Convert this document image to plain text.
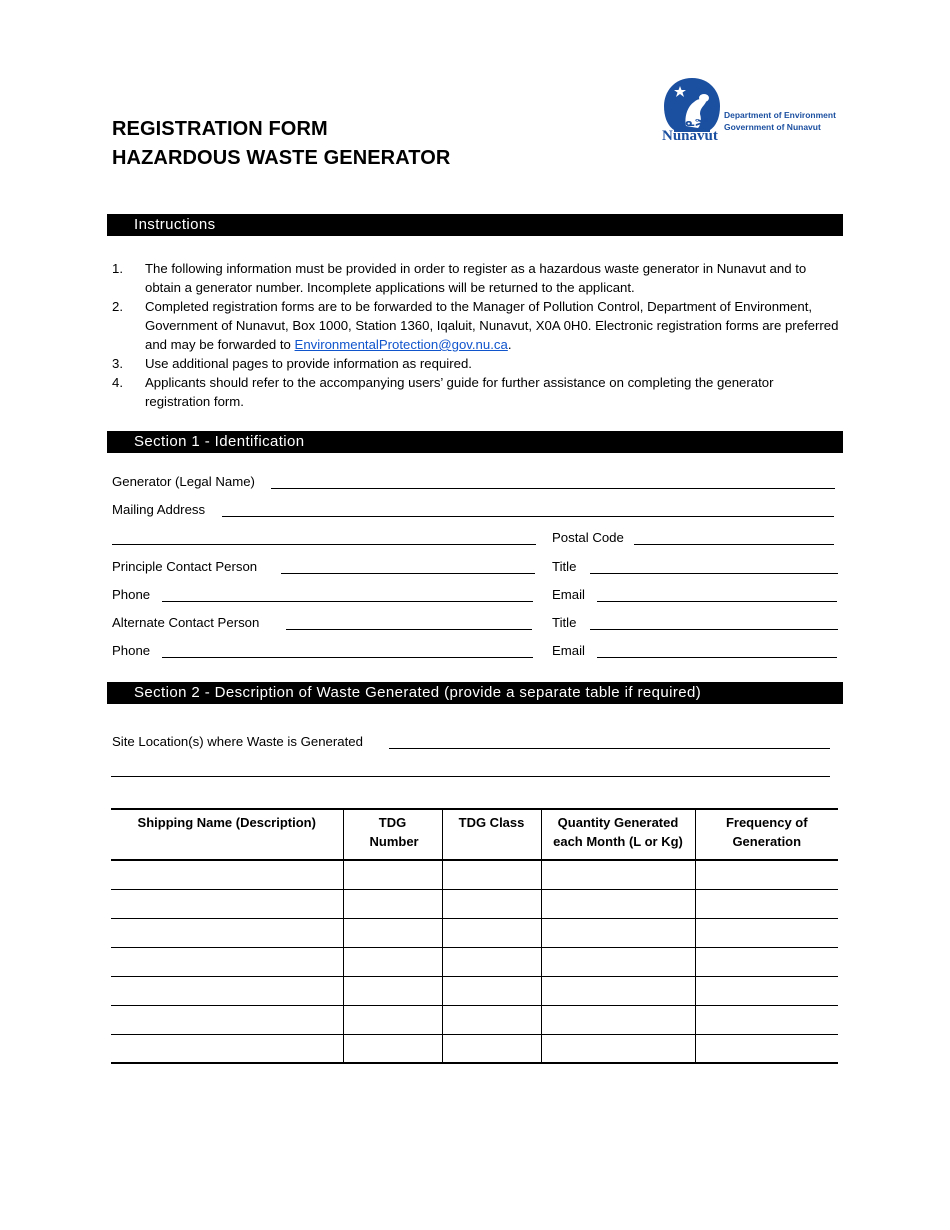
REGISTRATION FORM
HAZARDOUS WASTE GENERATOR
ᓄᓇᕗᑦ
Nunavut
Department of Environment
Government of Nunavut
Instructions
1.	The following information must be provided in order to register as a hazardous waste generator in Nunavut and to obtain a generator number. Incomplete applications will be returned to the applicant.
2.	Completed registration forms are to be forwarded to the Manager of Pollution Control, Department of Environment, Government of Nunavut, Box 1000, Station 1360, Iqaluit, Nunavut, X0A 0H0. Electronic registration forms are preferred and may be forwarded to EnvironmentalProtection@gov.nu.ca.
3.	Use additional pages to provide information as required.
4.	Applicants should refer to the accompanying users’ guide for further assistance on completing the generator registration form.
Section 1 - Identification
Generator (Legal Name)
Mailing Address
Postal Code
Principle Contact Person	Title
Phone	Email
Alternate Contact Person	Title
Phone	Email
Section 2 - Description of Waste Generated (provide a separate table if required)
Site Location(s) where Waste is Generated
Shipping Name (Description)	TDG Number	TDG Class	Quantity Generated each Month (L or Kg)	Frequency of Generation
